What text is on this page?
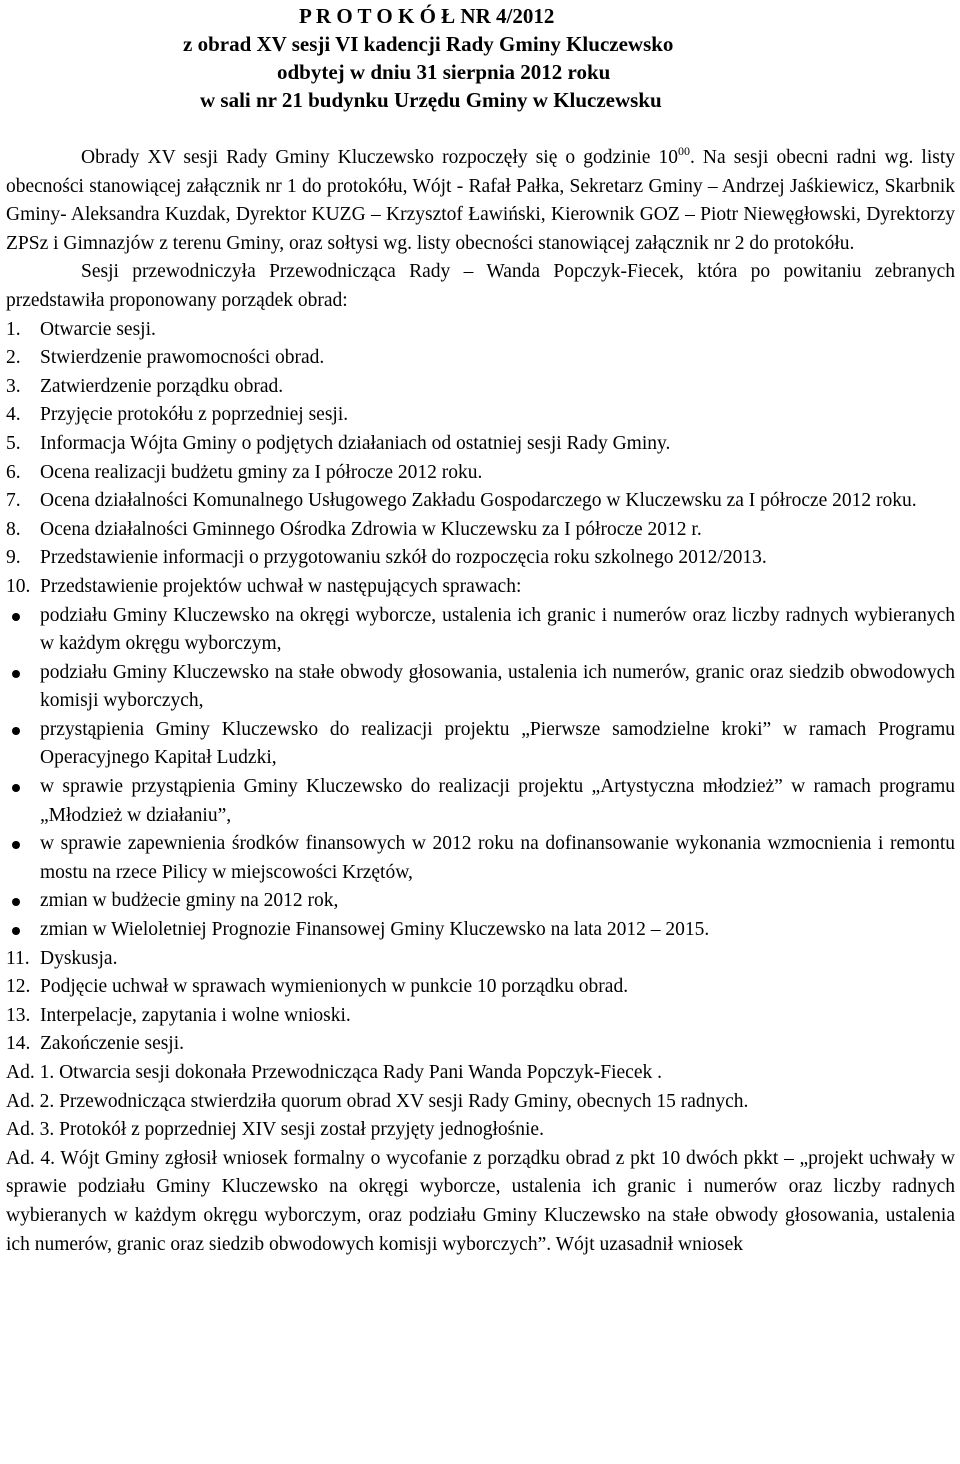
P R O T O K Ó Ł NR 4/2012
z obrad XV sesji VI kadencji Rady Gminy Kluczewsko
odbytej w dniu 31 sierpnia 2012 roku
w sali nr 21 budynku Urzędu Gminy w Kluczewsku

Obrady XV sesji Rady Gminy Kluczewsko rozpoczęły się o godzinie $10^{00}$. Na sesji obecni radni wg. listy obecności stanowiącej załącznik nr 1 do protokółu, Wójt - Rafał Pałka, Sekretarz Gminy – Andrzej Jaśkiewicz, Skarbnik Gminy- Aleksandra Kuzdak, Dyrektor KUZG – Krzysztof Ławiński, Kierownik GOZ – Piotr Niewęgłowski, Dyrektorzy ZPSz i Gimnazjów z terenu Gminy, oraz sołtysi wg. listy obecności stanowiącej załącznik nr 2 do protokółu.

Sesji przewodniczyła Przewodnicząca Rady – Wanda Popczyk-Fiecek, która po powitaniu zebranych przedstawiła proponowany porządek obrad:

1. Otwarcie sesji.
2. Stwierdzenie prawomocności obrad.
3. Zatwierdzenie porządku obrad.
4. Przyjęcie protokółu z poprzedniej sesji.
5. Informacja Wójta Gminy o podjętych działaniach od ostatniej sesji Rady Gminy.
6. Ocena realizacji budżetu gminy za I półrocze 2012 roku.
7. Ocena działalności Komunalnego Usługowego Zakładu Gospodarczego w Kluczewsku za I półrocze 2012 roku.
8. Ocena działalności Gminnego Ośrodka Zdrowia w Kluczewsku za I półrocze 2012 r.
9. Przedstawienie informacji o przygotowaniu szkół do rozpoczęcia roku szkolnego 2012/2013.
10. Przedstawienie projektów uchwał w następujących sprawach:
podziału Gminy Kluczewsko na okręgi wyborcze, ustalenia ich granic i numerów oraz liczby radnych wybieranych w każdym okręgu wyborczym,
podziału Gminy Kluczewsko na stałe obwody głosowania, ustalenia ich numerów, granic oraz siedzib obwodowych komisji wyborczych,
przystąpienia Gminy Kluczewsko do realizacji projektu „Pierwsze samodzielne kroki” w ramach Programu Operacyjnego Kapitał Ludzki,
w sprawie przystąpienia Gminy Kluczewsko do realizacji projektu „Artystyczna młodzież” w ramach programu „Młodzież w działaniu”,
w sprawie zapewnienia środków finansowych w 2012 roku na dofinansowanie wykonania wzmocnienia i remontu mostu na rzece Pilicy w miejscowości Krzętów,
zmian w budżecie gminy na 2012 rok,
zmian w Wieloletniej Prognozie Finansowej Gminy Kluczewsko na lata 2012 – 2015.
11. Dyskusja.
12. Podjęcie uchwał w sprawach wymienionych w punkcie 10 porządku obrad.
13. Interpelacje, zapytania i wolne wnioski.
14. Zakończenie sesji.

Ad. 1. Otwarcia sesji dokonała Przewodnicząca Rady Pani Wanda Popczyk-Fiecek .

Ad. 2. Przewodnicząca stwierdziła quorum obrad XV sesji Rady Gminy, obecnych 15 radnych.

Ad. 3. Protokół z poprzedniej XIV sesji został przyjęty jednogłośnie.

Ad. 4. Wójt Gminy zgłosił wniosek formalny o wycofanie z porządku obrad z pkt 10 dwóch pkkt – „projekt uchwały w sprawie podziału Gminy Kluczewsko na okręgi wyborcze, ustalenia ich granic i numerów oraz liczby radnych wybieranych w każdym okręgu wyborczym, oraz podziału Gminy Kluczewsko na stałe obwody głosowania, ustalenia ich numerów, granic oraz siedzib obwodowych komisji wyborczych”. Wójt uzasadnił wniosek
